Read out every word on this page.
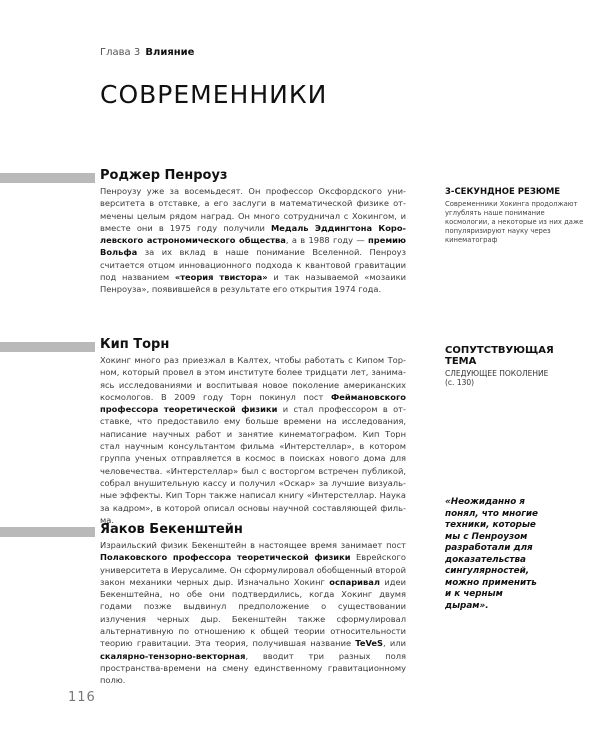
Глава 3 Влияние
СОВРЕМЕННИКИ
Роджер Пенроуз

Пенроузу уже за восемьдесят. Он профессор Оксфордского университета в отставке, а его заслуги в математической физике отмечены целым рядом наград. Он много сотрудничал с Хокингом, и вместе они в 1975 году получили Медаль Эддингтона Королевского астрономического общества, а в 1988 году — премию Вольфа за их вклад в наше понимание Вселенной. Пенроуз считается отцом инновационного подхода к квантовой гравитации под названием «теория твистора» и так называемой «мозаики Пенроуза», появившейся в результате его открытия 1974 года.

Кип Торн

Хокинг много раз приезжал в Калтех, чтобы работать с Кипом Торном, который провел в этом институте более тридцати лет, занимаясь исследованиями и воспитывая новое поколение американских космологов. В 2009 году Торн покинул пост Феймановского профессора теоретической физики и стал профессором в отставке, что предоставило ему больше времени на исследования, написание научных работ и занятие кинематографом. Кип Торн стал научным консультантом фильма «Интерстеллар», в котором группа ученых отправляется в космос в поисках нового дома для человечества. «Интерстеллар» был с восторгом встречен публикой, собрал внушительную кассу и получил «Оскар» за лучшие визуальные эффекты. Кип Торн также написал книгу «Интерстеллар. Наука за кадром», в которой описал основы научной составляющей фильма.

Яаков Бекенштейн

Израильский физик Бекенштейн в настоящее время занимает пост Полаковского профессора теоретической физики Еврейского университета в Иерусалиме. Он сформулировал обобщенный второй закон механики черных дыр. Изначально Хокинг оспаривал идеи Бекенштейна, но обе они подтвердились, когда Хокинг двумя годами позже выдвинул предположение о существовании излучения черных дыр. Бекенштейн также сформулировал альтернативную по отношению к общей теории относительности теорию гравитации. Эта теория, получившая название TeVeS, или скалярно-тензорно-векторная, вводит три разных поля пространства-времени на смену единственному гравитационному полю.

3-СЕКУНДНОЕ РЕЗЮМЕ
Современники Хокинга продолжают углублять наше понимание космологии, а некоторые из них даже популяризируют науку через кинематограф
СОПУТСТВУЮЩАЯ ТЕМА
СЛЕДУЮЩЕЕ ПОКОЛЕНИЕ
(с. 130)
«Неожиданно я понял, что многие техники, которые мы с Пенроузом разработали для доказательства сингулярностей, можно применить и к черным дырам».
116
